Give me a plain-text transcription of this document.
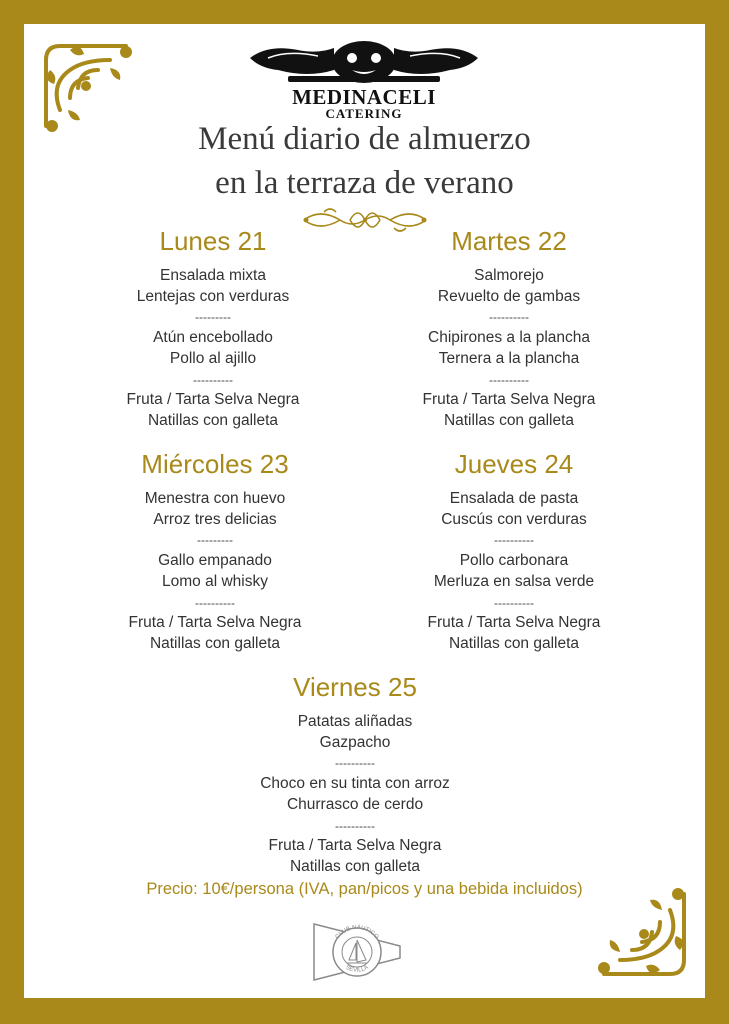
MEDINACELI
CATERING
Menú diario de almuerzo
en la terraza de verano
Lunes 21
Ensalada mixta
Lentejas con verduras
---------
Atún encebollado
Pollo al ajillo
----------
Fruta / Tarta Selva Negra
Natillas con galleta
Martes 22
Salmorejo
Revuelto de gambas
----------
Chipirones a la plancha
Ternera a la plancha
----------
Fruta / Tarta Selva Negra
Natillas con galleta
Miércoles 23
Menestra con huevo
Arroz tres delicias
---------
Gallo empanado
Lomo al whisky
----------
Fruta / Tarta Selva Negra
Natillas con galleta
Jueves 24
Ensalada de pasta
Cuscús con verduras
----------
Pollo carbonara
Merluza en salsa verde
----------
Fruta / Tarta Selva Negra
Natillas con galleta
Viernes 25
Patatas aliñadas
Gazpacho
----------
Choco en su tinta con arroz
Churrasco de cerdo
----------
Fruta / Tarta Selva Negra
Natillas con galleta
Precio: 10€/persona (IVA, pan/picos y una bebida incluidos)
CLUB NÁUTICO
SEVILLA
